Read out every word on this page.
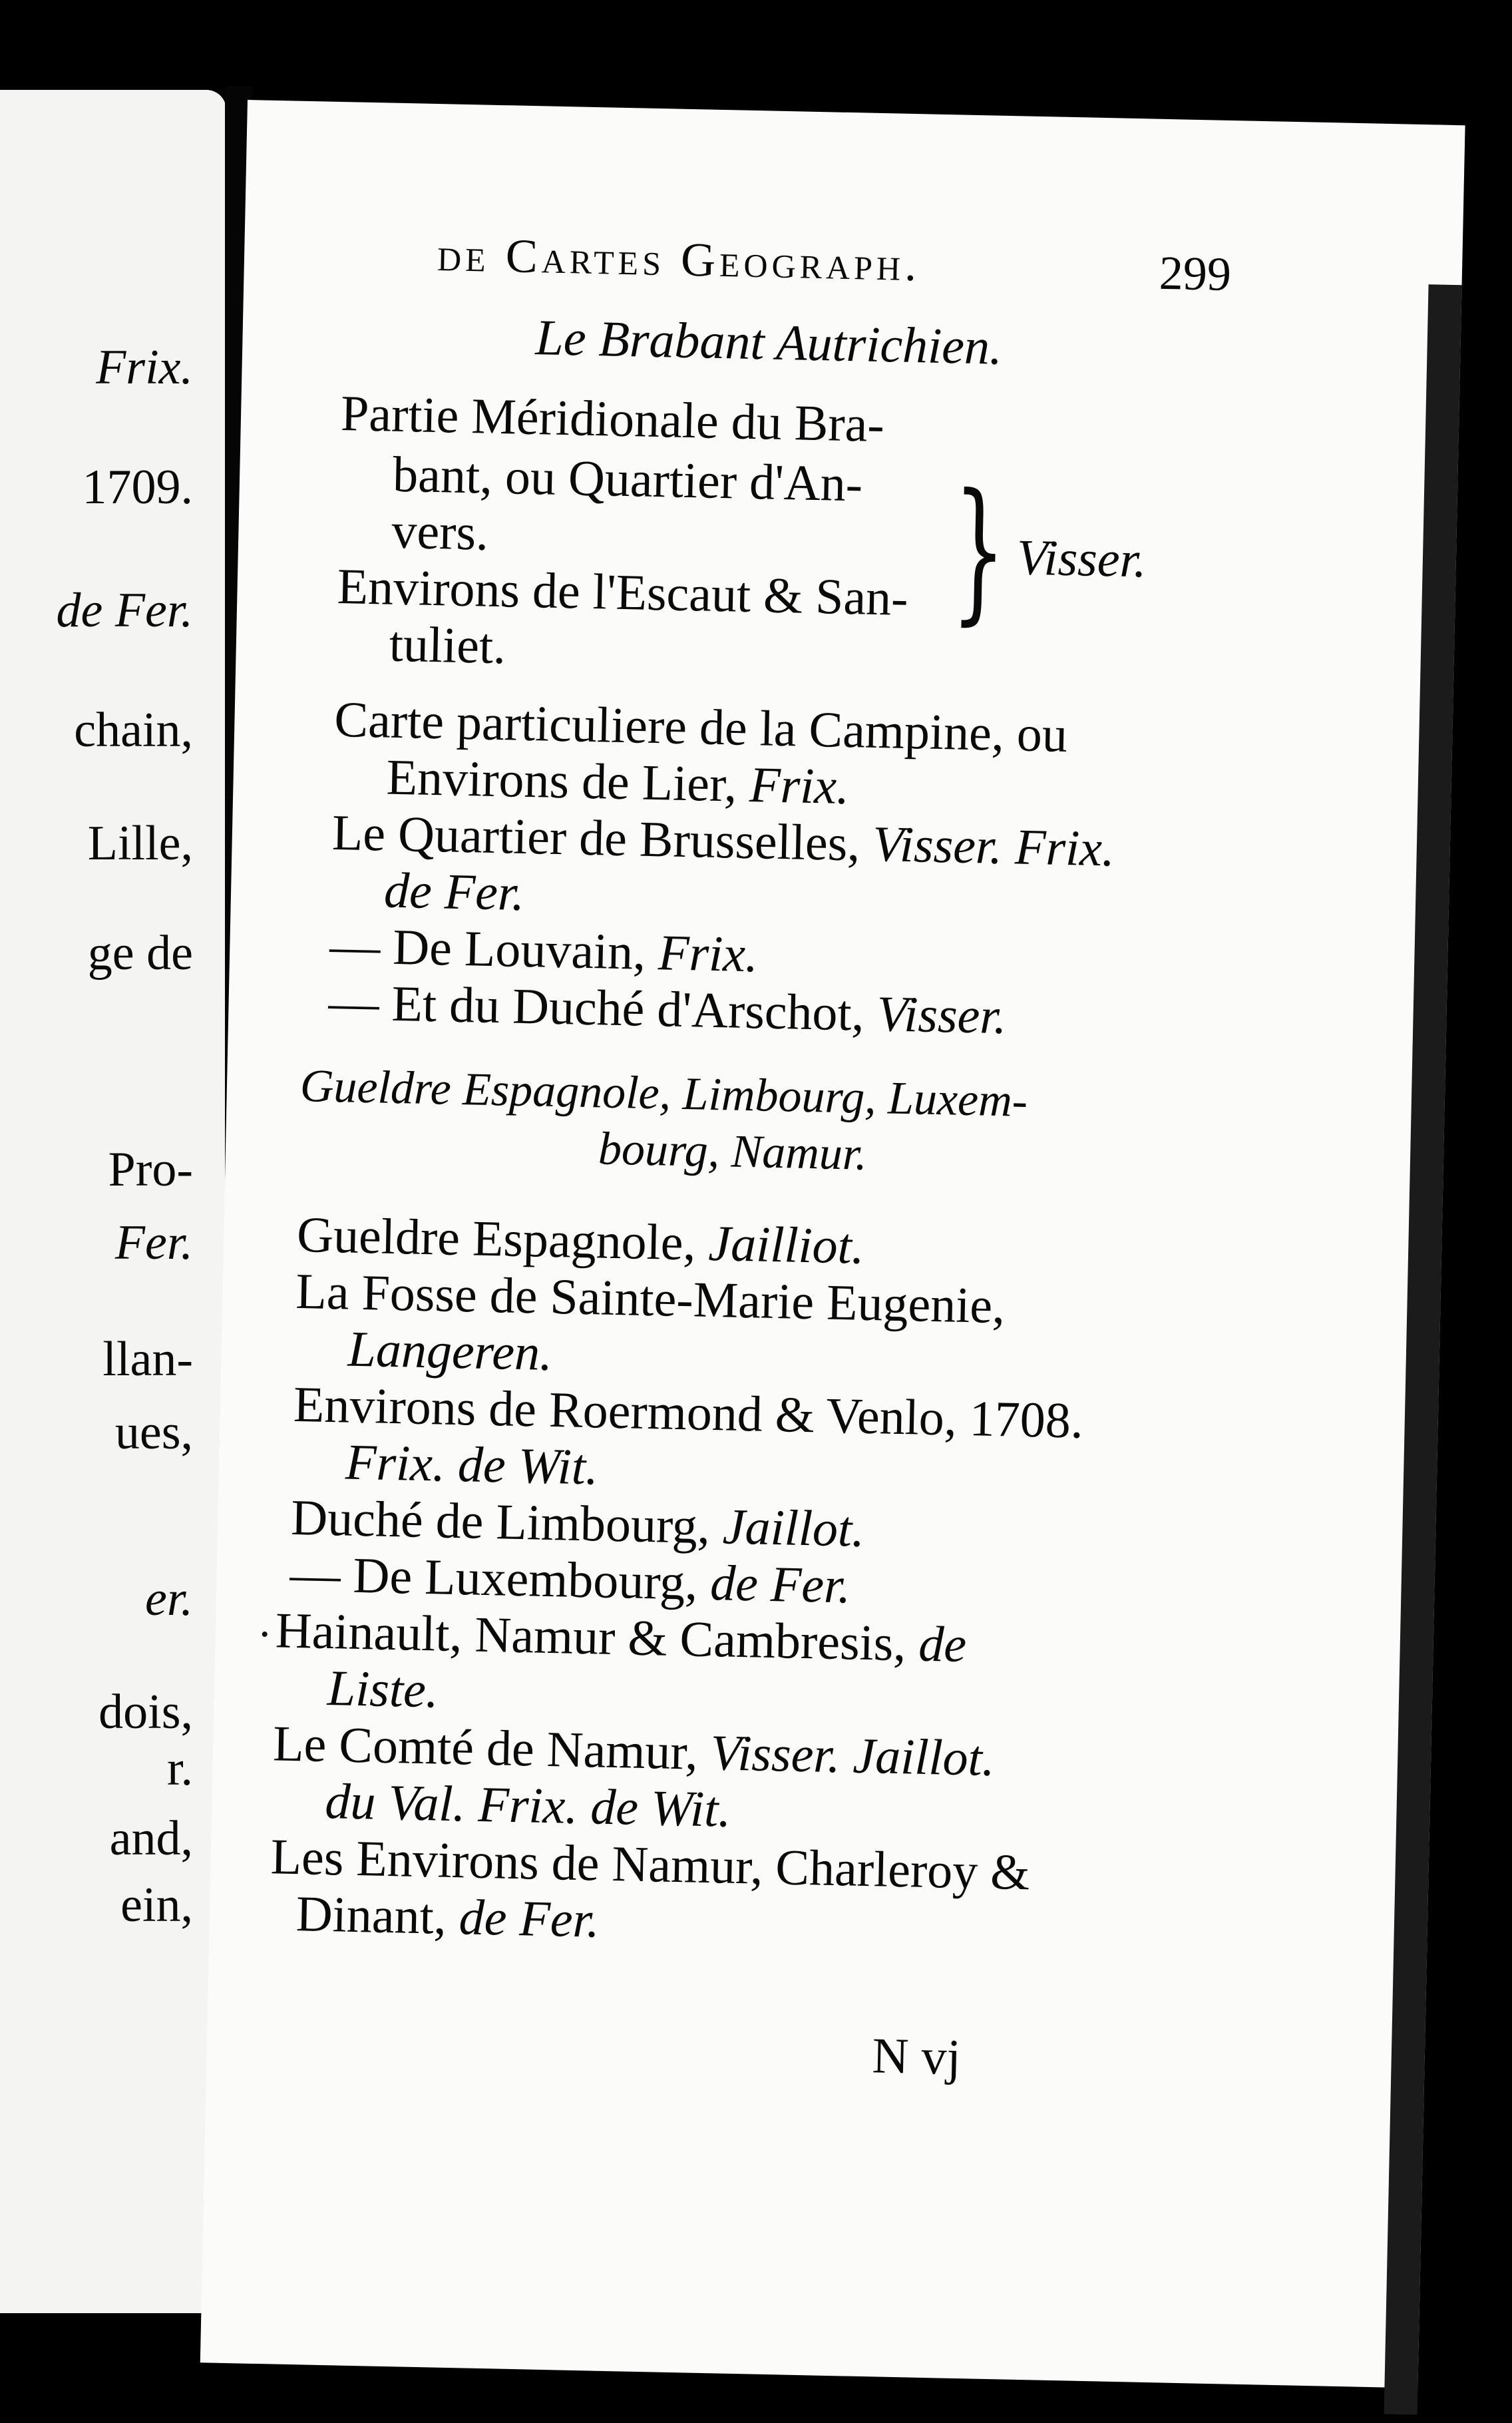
Frix.
1709.
de Fer.
chain,
Lille,
ge de
Pro-
Fer.
llan-
ues,
er.
dois,
r.
and,
ein,
de Cartes Geograph.	299
Le Brabant Autrichien.
Partie Méridionale du Bra-
bant, ou Quartier d'An-
vers.
Environs de l'Escaut & San-
tuliet.
} Visser.
Carte particuliere de la Campine, ou
Environs de Lier, Frix.
Le Quartier de Brusselles, Visser. Frix.
de Fer.
— De Louvain, Frix.
— Et du Duché d'Arschot, Visser.
Gueldre Espagnole, Limbourg, Luxem-
bourg, Namur.
Gueldre Espagnole, Jailliot.
La Fosse de Sainte-Marie Eugenie,
Langeren.
Environs de Roermond & Venlo, 1708.
Frix. de Wit.
Duché de Limbourg, Jaillot.
— De Luxembourg, de Fer.
Hainault, Namur & Cambresis, de
Liste.
Le Comté de Namur, Visser. Jaillot.
du Val. Frix. de Wit.
Les Environs de Namur, Charleroy &
Dinant, de Fer.
N vj
